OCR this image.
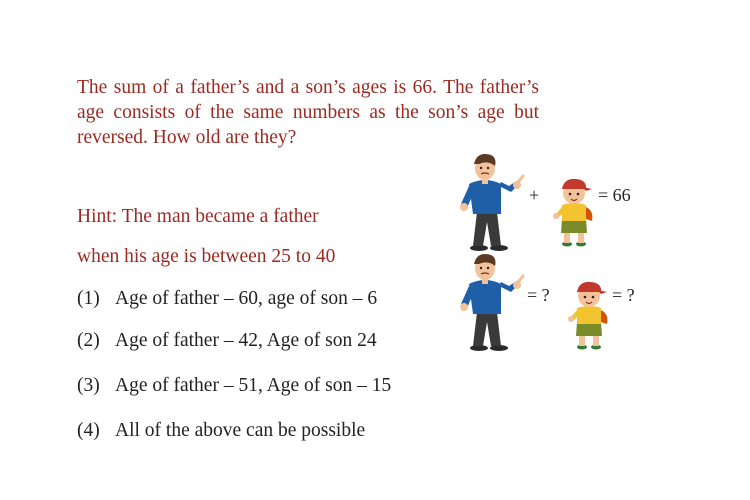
The sum of a father’s and a son’s ages is 66. The father’s age consists of the same numbers as the son’s age but reversed. How old are they?
Hint: The man became a father
when his age is between 25 to 40
(1) Age of father – 60, age of son – 6
(2) Age of father – 42, Age of son 24
(3) Age of father – 51, Age of son – 15
(4) All of the above can be possible
+	= 66
= ?	= ?
